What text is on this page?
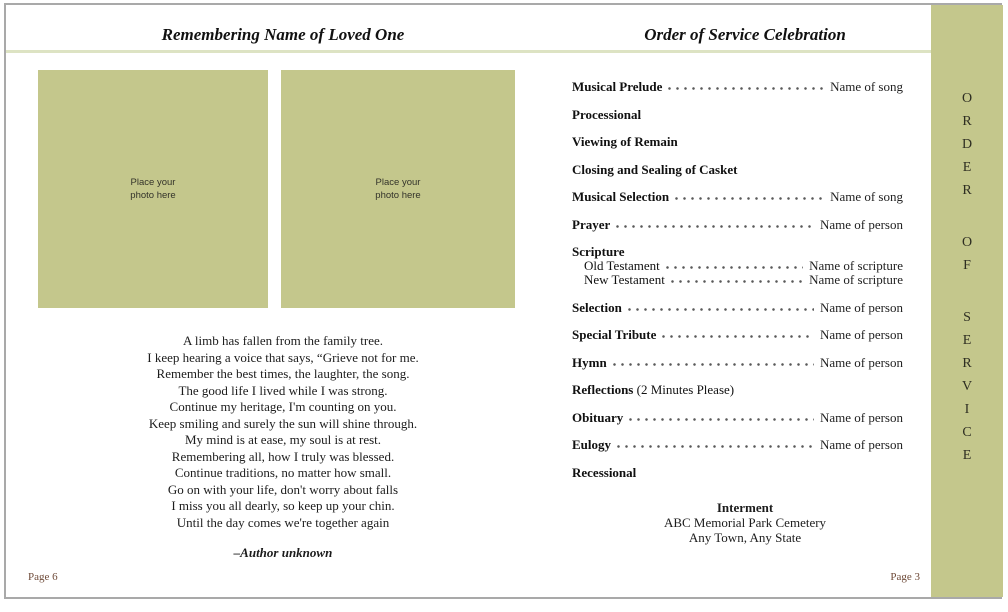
Remembering Name of Loved One	Order of Service Celebration
Place your
photo here
Place your
photo here
A limb has fallen from the family tree.
I keep hearing a voice that says, “Grieve not for me.
Remember the best times, the laughter, the song.
The good life I lived while I was strong.
Continue my heritage, I'm counting on you.
Keep smiling and surely the sun will shine through.
My mind is at ease, my soul is at rest.
Remembering all, how I truly was blessed.
Continue traditions, no matter how small.
Go on with your life, don't worry about falls
I miss you all dearly, so keep up your chin.
Until the day comes we're together again
–Author unknown
Musical Prelude	Name of song
Processional
Viewing of Remain
Closing and Sealing of Casket
Musical Selection	Name of song
Prayer	Name of person
Scripture
Old Testament	Name of scripture
New Testament	Name of scripture
Selection	Name of person
Special Tribute	Name of person
Hymn	Name of person
Reflections (2 Minutes Please)
Obituary	Name of person
Eulogy	Name of person
Recessional
Interment
ABC Memorial Park Cemetery
Any Town, Any State
Page 6	Page 3
O
R
D
E
R
O
F
S
E
R
V
I
C
E
